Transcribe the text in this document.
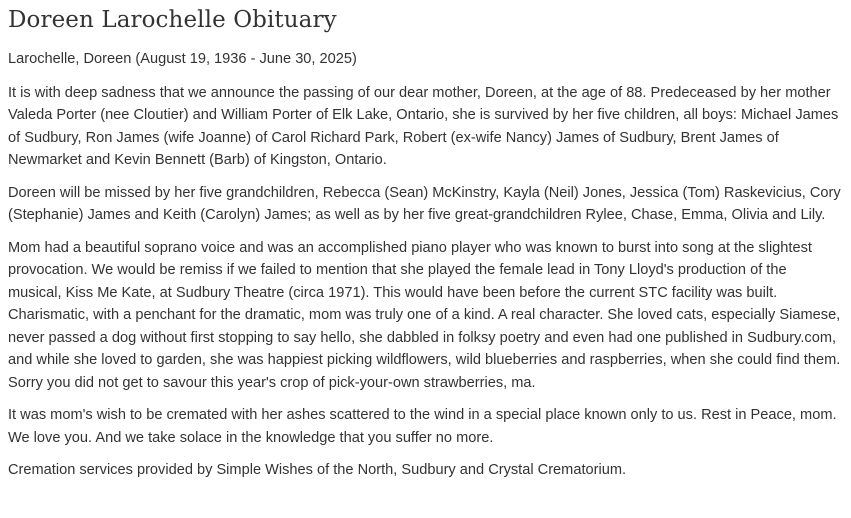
Doreen Larochelle Obituary

Larochelle, Doreen (August 19, 1936 - June 30, 2025)

It is with deep sadness that we announce the passing of our dear mother, Doreen, at the age of 88. Predeceased by her mother Valeda Porter (nee Cloutier) and William Porter of Elk Lake, Ontario, she is survived by her five children, all boys: Michael James of Sudbury, Ron James (wife Joanne) of Carol Richard Park, Robert (ex-wife Nancy) James of Sudbury, Brent James of Newmarket and Kevin Bennett (Barb) of Kingston, Ontario.

Doreen will be missed by her five grandchildren, Rebecca (Sean) McKinstry, Kayla (Neil) Jones, Jessica (Tom) Raskevicius, Cory (Stephanie) James and Keith (Carolyn) James; as well as by her five great-grandchildren Rylee, Chase, Emma, Olivia and Lily.

Mom had a beautiful soprano voice and was an accomplished piano player who was known to burst into song at the slightest provocation. We would be remiss if we failed to mention that she played the female lead in Tony Lloyd's production of the musical, Kiss Me Kate, at Sudbury Theatre (circa 1971). This would have been before the current STC facility was built. Charismatic, with a penchant for the dramatic, mom was truly one of a kind. A real character. She loved cats, especially Siamese, never passed a dog without first stopping to say hello, she dabbled in folksy poetry and even had one published in Sudbury.com, and while she loved to garden, she was happiest picking wildflowers, wild blueberries and raspberries, when she could find them. Sorry you did not get to savour this year's crop of pick-your-own strawberries, ma.

It was mom's wish to be cremated with her ashes scattered to the wind in a special place known only to us. Rest in Peace, mom. We love you. And we take solace in the knowledge that you suffer no more.

Cremation services provided by Simple Wishes of the North, Sudbury and Crystal Crematorium.
